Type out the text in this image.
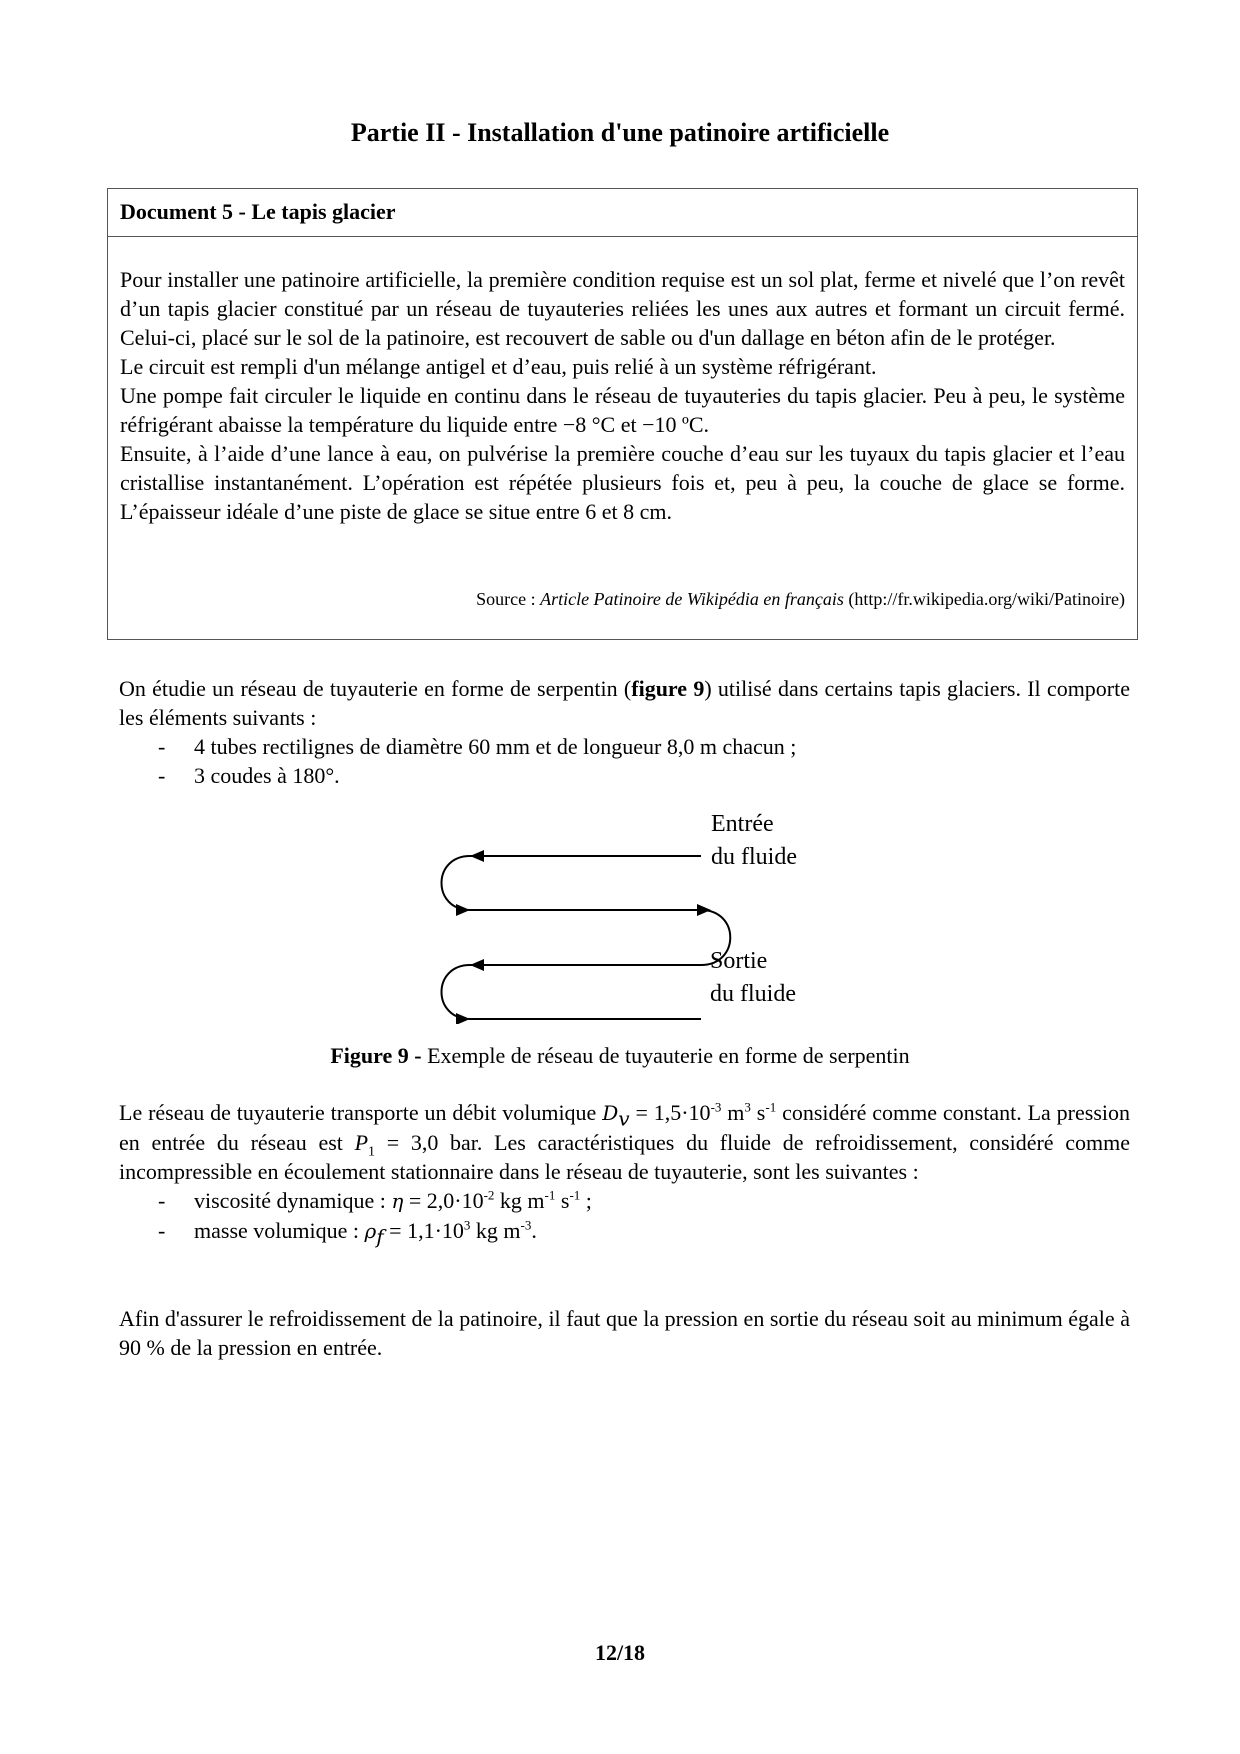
Partie II - Installation d'une patinoire artificielle
Document 5 - Le tapis glacier

Pour installer une patinoire artificielle, la première condition requise est un sol plat, ferme et nivelé que l’on revêt d’un tapis glacier constitué par un réseau de tuyauteries reliées les unes aux autres et formant un circuit fermé. Celui-ci, placé sur le sol de la patinoire, est recouvert de sable ou d'un dallage en béton afin de le protéger.

Le circuit est rempli d'un mélange antigel et d’eau, puis relié à un système réfrigérant.

Une pompe fait circuler le liquide en continu dans le réseau de tuyauteries du tapis glacier. Peu à peu, le système réfrigérant abaisse la température du liquide entre −8 °C et −10 ºC.

Ensuite, à l’aide d’une lance à eau, on pulvérise la première couche d’eau sur les tuyaux du tapis glacier et l’eau cristallise instantanément. L’opération est répétée plusieurs fois et, peu à peu, la couche de glace se forme. L’épaisseur idéale d’une piste de glace se situe entre 6 et 8 cm.

Source : Article Patinoire de Wikipédia en français (http://fr.wikipedia.org/wiki/Patinoire)

On étudie un réseau de tuyauterie en forme de serpentin (figure 9) utilisé dans certains tapis glaciers. Il comporte les éléments suivants :

- 4 tubes rectilignes de diamètre 60 mm et de longueur 8,0 m chacun ;
- 3 coudes à 180°.
Entrée
du fluide
Sortie
du fluide
Figure 9 - Exemple de réseau de tuyauterie en forme de serpentin

Le réseau de tuyauterie transporte un débit volumique $D_v = 1,5\cdot 10^{-3}$ $m^3$ $s^{-1}$ considéré comme constant. La pression en entrée du réseau est $P_1 = 3,0$ bar. Les caractéristiques du fluide de refroidissement, considéré comme incompressible en écoulement stationnaire dans le réseau de tuyauterie, sont les suivantes :

- viscosité dynamique : $\eta = 2,0\cdot 10^{-2}$ kg $m^{-1}$ $s^{-1}$ ;
- masse volumique : $\rho_f = 1,1\cdot 10^3$ kg $m^{-3}$.

Afin d'assurer le refroidissement de la patinoire, il faut que la pression en sortie du réseau soit au minimum égale à 90 % de la pression en entrée.

12/18
